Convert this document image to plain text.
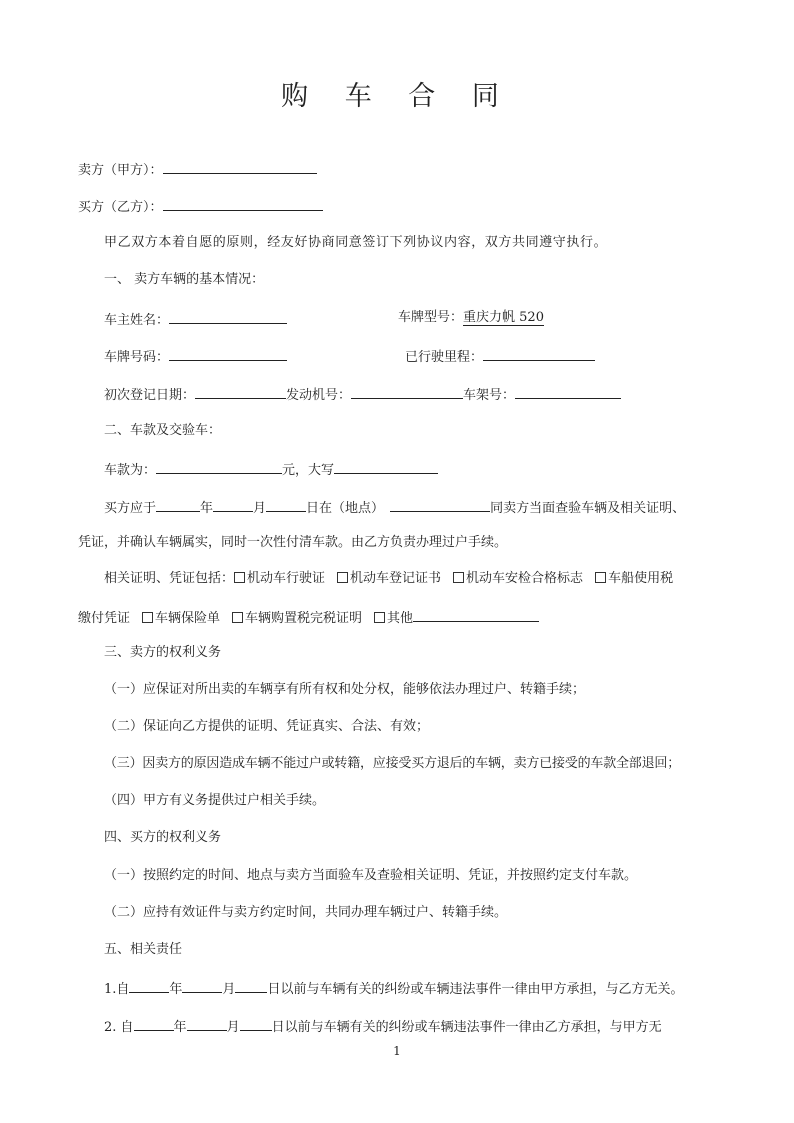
购 车 合 同
卖方（甲方）：
买方（乙方）：
甲乙双方本着自愿的原则，经友好协商同意签订下列协议内容，双方共同遵守执行。
一、 卖方车辆的基本情况：
车主姓名：	车牌型号：重庆力帆 520
车牌号码：	已行驶里程：
初次登记日期：	发动机号：	车架号：
二、车款及交验车：
车款为：	元，大写
买方应于	年	月	日在（地点）	同卖方当面查验车辆及相关证明、
凭证，并确认车辆属实，同时一次性付清车款。由乙方负责办理过户手续。
相关证明、凭证包括： 机动车行驶证 机动车登记证书 机动车安检合格标志 车船使用税
缴付凭证 车辆保险单 车辆购置税完税证明 其他
三、卖方的权利义务
（一）应保证对所出卖的车辆享有所有权和处分权，能够依法办理过户、转籍手续；
（二）保证向乙方提供的证明、凭证真实、合法、有效；
（三）因卖方的原因造成车辆不能过户或转籍，应接受买方退后的车辆，卖方已接受的车款全部退回；
（四）甲方有义务提供过户相关手续。
四、买方的权利义务
（一）按照约定的时间、地点与卖方当面验车及查验相关证明、凭证，并按照约定支付车款。
（二）应持有效证件与卖方约定时间，共同办理车辆过户、转籍手续。
五、相关责任
1.自	年	月 日以前与车辆有关的纠纷或车辆违法事件一律由甲方承担，与乙方无关。
2. 自	年	月 日以前与车辆有关的纠纷或车辆违法事件一律由乙方承担，与甲方无
1
